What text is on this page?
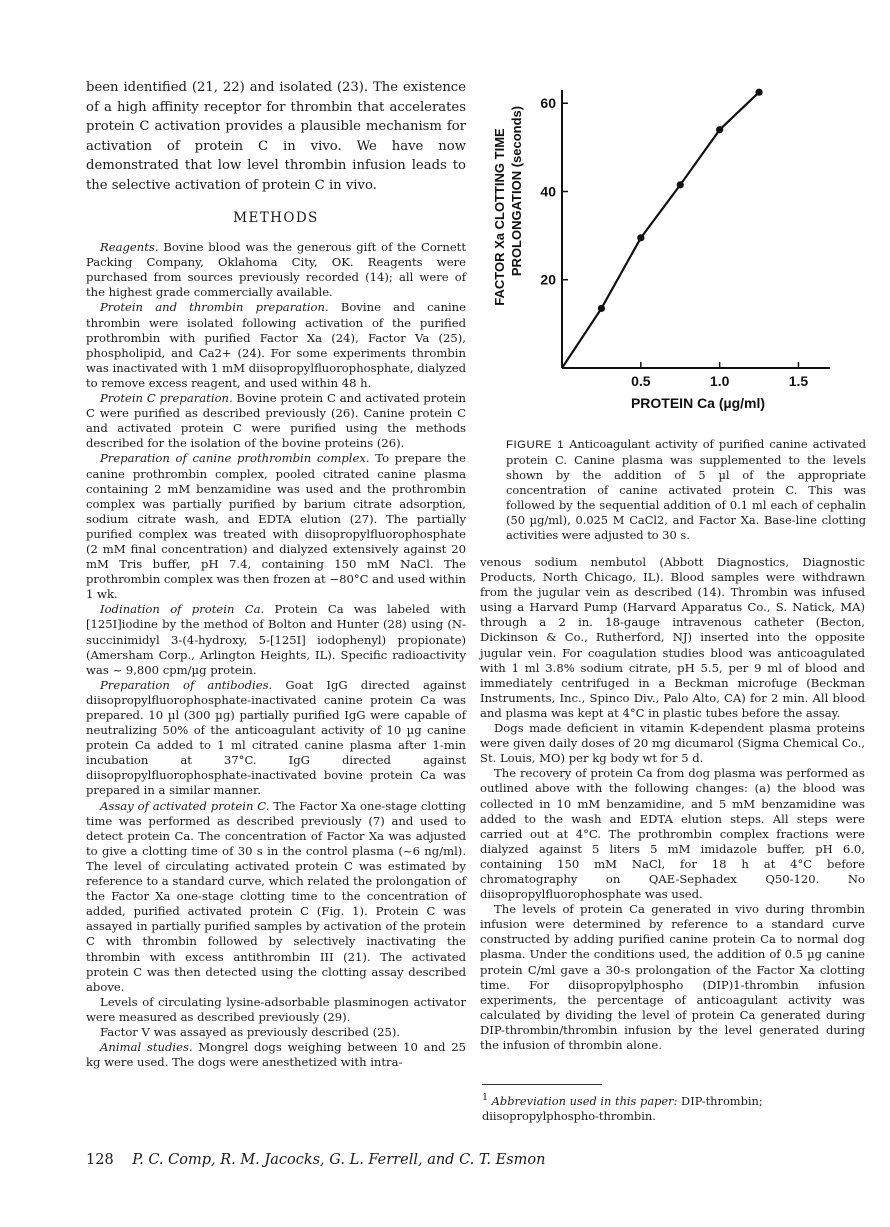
been identified (21, 22) and isolated (23). The existence of a high affinity receptor for thrombin that accelerates protein C activation provides a plausible mechanism for activation of protein C in vivo. We have now demonstrated that low level thrombin infusion leads to the selective activation of protein C in vivo.

METHODS

Reagents. Bovine blood was the generous gift of the Cornett Packing Company, Oklahoma City, OK. Reagents were purchased from sources previously recorded (14); all were of the highest grade commercially available.

Protein and thrombin preparation. Bovine and canine thrombin were isolated following activation of the purified prothrombin with purified Factor Xa (24), Factor Va (25), phospholipid, and Ca2+ (24). For some experiments thrombin was inactivated with 1 mM diisopropylfluorophosphate, dialyzed to remove excess reagent, and used within 48 h.

Protein C preparation. Bovine protein C and activated protein C were purified as described previously (26). Canine protein C and activated protein C were purified using the methods described for the isolation of the bovine proteins (26).

Preparation of canine prothrombin complex. To prepare the canine prothrombin complex, pooled citrated canine plasma containing 2 mM benzamidine was used and the prothrombin complex was partially purified by barium citrate adsorption, sodium citrate wash, and EDTA elution (27). The partially purified complex was treated with diisopropylfluorophosphate (2 mM final concentration) and dialyzed extensively against 20 mM Tris buffer, pH 7.4, containing 150 mM NaCl. The prothrombin complex was then frozen at −80°C and used within 1 wk.

Iodination of protein Ca. Protein Ca was labeled with [125I]iodine by the method of Bolton and Hunter (28) using (N-succinimidyl 3-(4-hydroxy, 5-[125I] iodophenyl) propionate) (Amersham Corp., Arlington Heights, IL). Specific radioactivity was ~ 9,800 cpm/µg protein.

Preparation of antibodies. Goat IgG directed against diisopropylfluorophosphate-inactivated canine protein Ca was prepared. 10 µl (300 µg) partially purified IgG were capable of neutralizing 50% of the anticoagulant activity of 10 µg canine protein Ca added to 1 ml citrated canine plasma after 1-min incubation at 37°C. IgG directed against diisopropylfluorophosphate-inactivated bovine protein Ca was prepared in a similar manner.

Assay of activated protein C. The Factor Xa one-stage clotting time was performed as described previously (7) and used to detect protein Ca. The concentration of Factor Xa was adjusted to give a clotting time of 30 s in the control plasma (~6 ng/ml). The level of circulating activated protein C was estimated by reference to a standard curve, which related the prolongation of the Factor Xa one-stage clotting time to the concentration of added, purified activated protein C (Fig. 1). Protein C was assayed in partially purified samples by activation of the protein C with thrombin followed by selectively inactivating the thrombin with excess antithrombin III (21). The activated protein C was then detected using the clotting assay described above.

Levels of circulating lysine-adsorbable plasminogen activator were measured as described previously (29).

Factor V was assayed as previously described (25).

Animal studies. Mongrel dogs weighing between 10 and 25 kg were used. The dogs were anesthetized with intra-

0.5	1.0	1.5
20
40
60
PROTEIN Ca (µg/ml)
FACTOR Xa CLOTTING TIME PROLONGATION (seconds)
FIGURE 1 Anticoagulant activity of purified canine activated protein C. Canine plasma was supplemented to the levels shown by the addition of 5 µl of the appropriate concentration of canine activated protein C. This was followed by the sequential addition of 0.1 ml each of cephalin (50 µg/ml), 0.025 M CaCl2, and Factor Xa. Base-line clotting activities were adjusted to 30 s.

venous sodium nembutol (Abbott Diagnostics, Diagnostic Products, North Chicago, IL). Blood samples were withdrawn from the jugular vein as described (14). Thrombin was infused using a Harvard Pump (Harvard Apparatus Co., S. Natick, MA) through a 2 in. 18-gauge intravenous catheter (Becton, Dickinson & Co., Rutherford, NJ) inserted into the opposite jugular vein. For coagulation studies blood was anticoagulated with 1 ml 3.8% sodium citrate, pH 5.5, per 9 ml of blood and immediately centrifuged in a Beckman microfuge (Beckman Instruments, Inc., Spinco Div., Palo Alto, CA) for 2 min. All blood and plasma was kept at 4°C in plastic tubes before the assay.

Dogs made deficient in vitamin K-dependent plasma proteins were given daily doses of 20 mg dicumarol (Sigma Chemical Co., St. Louis, MO) per kg body wt for 5 d.

The recovery of protein Ca from dog plasma was performed as outlined above with the following changes: (a) the blood was collected in 10 mM benzamidine, and 5 mM benzamidine was added to the wash and EDTA elution steps. All steps were carried out at 4°C. The prothrombin complex fractions were dialyzed against 5 liters 5 mM imidazole buffer, pH 6.0, containing 150 mM NaCl, for 18 h at 4°C before chromatography on QAE-Sephadex Q50-120. No diisopropylfluorophosphate was used.

The levels of protein Ca generated in vivo during thrombin infusion were determined by reference to a standard curve constructed by adding purified canine protein Ca to normal dog plasma. Under the conditions used, the addition of 0.5 µg canine protein C/ml gave a 30-s prolongation of the Factor Xa clotting time. For diisopropylphospho (DIP)1-thrombin infusion experiments, the percentage of anticoagulant activity was calculated by dividing the level of protein Ca generated during DIP-thrombin/thrombin infusion by the level generated during the infusion of thrombin alone.

$^1$ Abbreviation used in this paper: DIP-thrombin; diisopropylphospho-thrombin.
128 P. C. Comp, R. M. Jacocks, G. L. Ferrell, and C. T. Esmon
